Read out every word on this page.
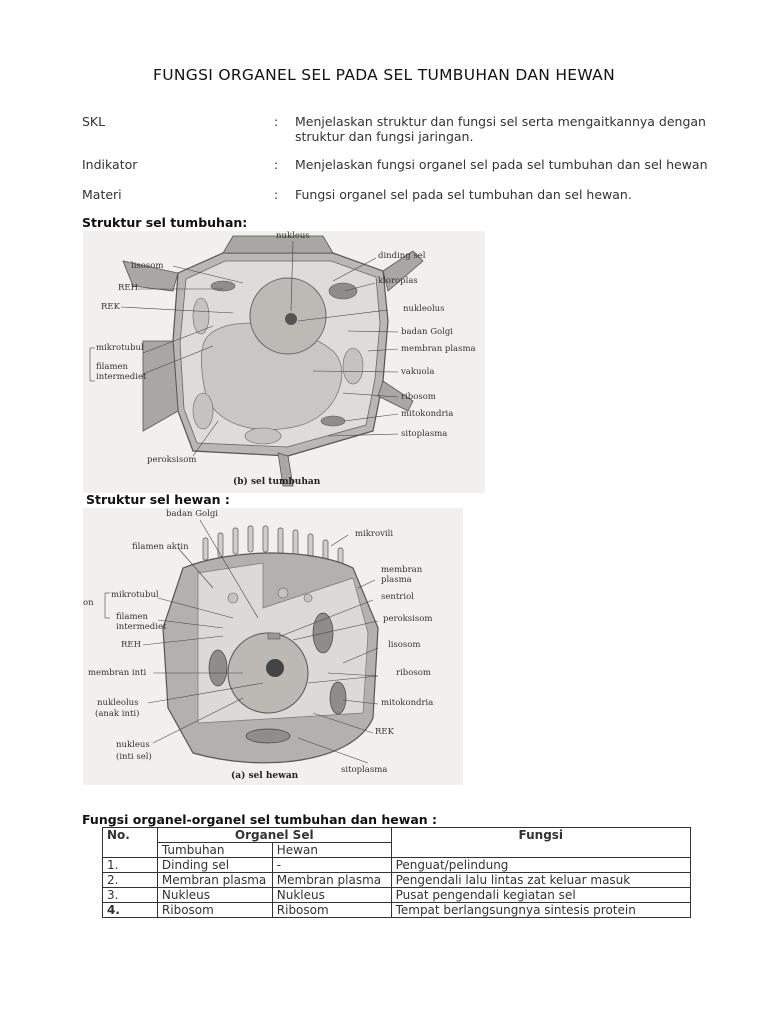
FUNGSI ORGANEL SEL PADA SEL TUMBUHAN DAN HEWAN
SKL	: Menjelaskan struktur dan fungsi sel serta mengaitkannya dengan struktur dan fungsi jaringan.
Indikator	: Menjelaskan fungsi organel sel pada sel tumbuhan dan sel hewan
Materi	: Fungsi organel sel pada sel tumbuhan dan sel hewan.
Struktur sel tumbuhan:
nukleus
lisosom
dinding sel
REH
kloroplas
REK	nukleolus
badan Golgi
mikrotubul	membran plasma
filamen
intermediet	vakuola
ribosom
mitokondria
sitoplasma
peroksisom
(b) sel tumbuhan
Struktur sel hewan :
badan Golgi
mikrovili
filamen aktin
membran
plasma
on
mikrotubul	sentriol
filamen
intermediet
peroksisom
REH	lisosom
membran inti	ribosom
nukleolus
(anak inti)
mitokondria
REK
nukleus
(inti sel)
sitoplasma
(a) sel hewan
Fungsi organel-organel sel tumbuhan dan hewan :
No.	Organel Sel		Fungsi
	Tumbuhan	Hewan	
1.	Dinding sel	-	Penguat/pelindung
2.	Membran plasma	Membran plasma	Pengendali lalu lintas zat keluar masuk
3.	Nukleus	Nukleus	Pusat pengendali kegiatan sel
4.	Ribosom	Ribosom	Tempat berlangsungnya sintesis protein
